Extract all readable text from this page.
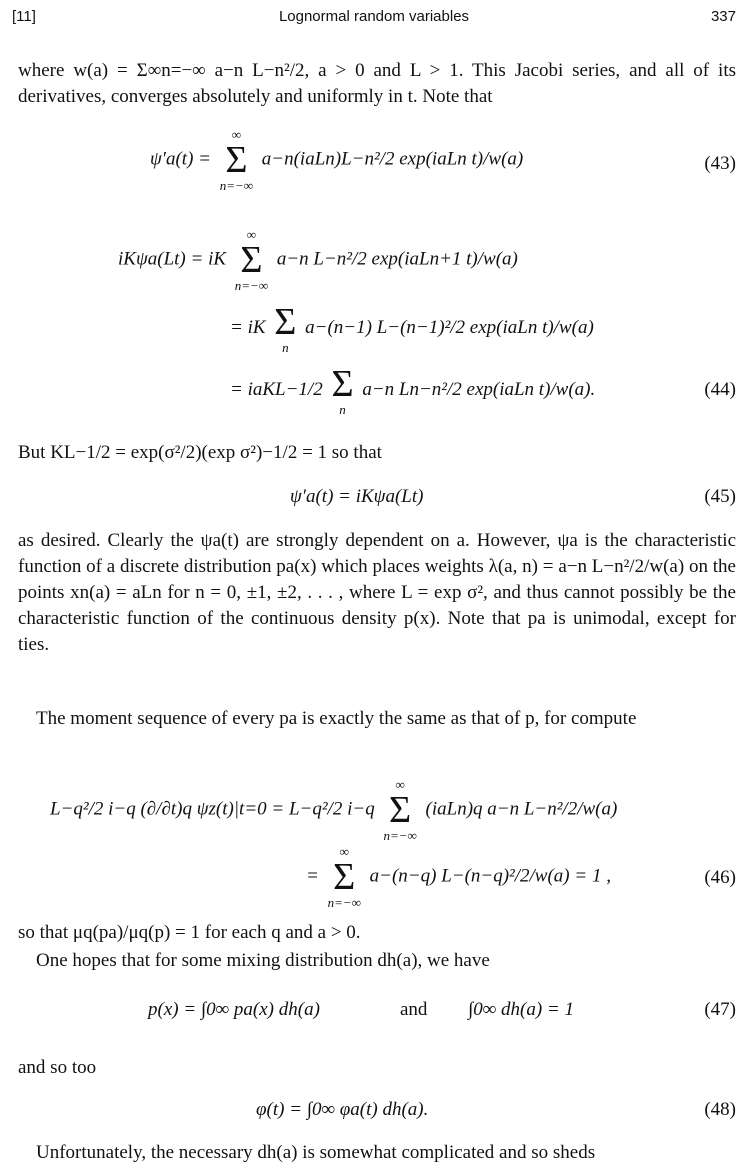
[11]	Lognormal random variables	337
where w(a) = Σ∞n=−∞ a−n L−n²/2, a > 0 and L > 1. This Jacobi series, and all of its derivatives, converges absolutely and uniformly in t. Note that
ψ′a(t) =
∞
Σ
n=−∞
a−n(iaLn)L−n²/2 exp(iaLn t)/w(a)	(43)
iKψa(Lt) = iK
∞
Σ
n=−∞
a−n L−n²/2 exp(iaLn+1 t)/w(a)
= iK Σ
n
a−(n−1) L−(n−1)²/2 exp(iaLn t)/w(a)
= iaKL−1/2 Σ
n
a−n Ln−n²/2 exp(iaLn t)/w(a).	(44)
But KL−1/2 = exp(σ²/2)(exp σ²)−1/2 = 1 so that
ψ′a(t) = iKψa(Lt)	(45)
as desired. Clearly the ψa(t) are strongly dependent on a. However, ψa is the characteristic function of a discrete distribution pa(x) which places weights λ(a, n) = a−n L−n²/2/w(a) on the points xn(a) = aLn for n = 0, ±1, ±2, . . . , where L = exp σ², and thus cannot possibly be the characteristic function of the continuous density p(x). Note that pa is unimodal, except for ties.
The moment sequence of every pa is exactly the same as that of p, for compute
L−q²/2 i−q (∂/∂t)q ψz(t)|t=0 = L−q²/2 i−q
∞
Σ
n=−∞
(iaLn)q a−n L−n²/2/w(a)
=
∞
Σ
n=−∞
a−(n−q) L−(n−q)²/2/w(a) = 1 ,	(46)
so that μq(pa)/μq(p) = 1 for each q and a > 0.
One hopes that for some mixing distribution dh(a), we have
p(x) = ∫0∞ pa(x) dh(a)	and ∫0∞ dh(a) = 1	(47)
and so too
φ(t) = ∫0∞ φa(t) dh(a).	(48)
Unfortunately, the necessary dh(a) is somewhat complicated and so sheds
